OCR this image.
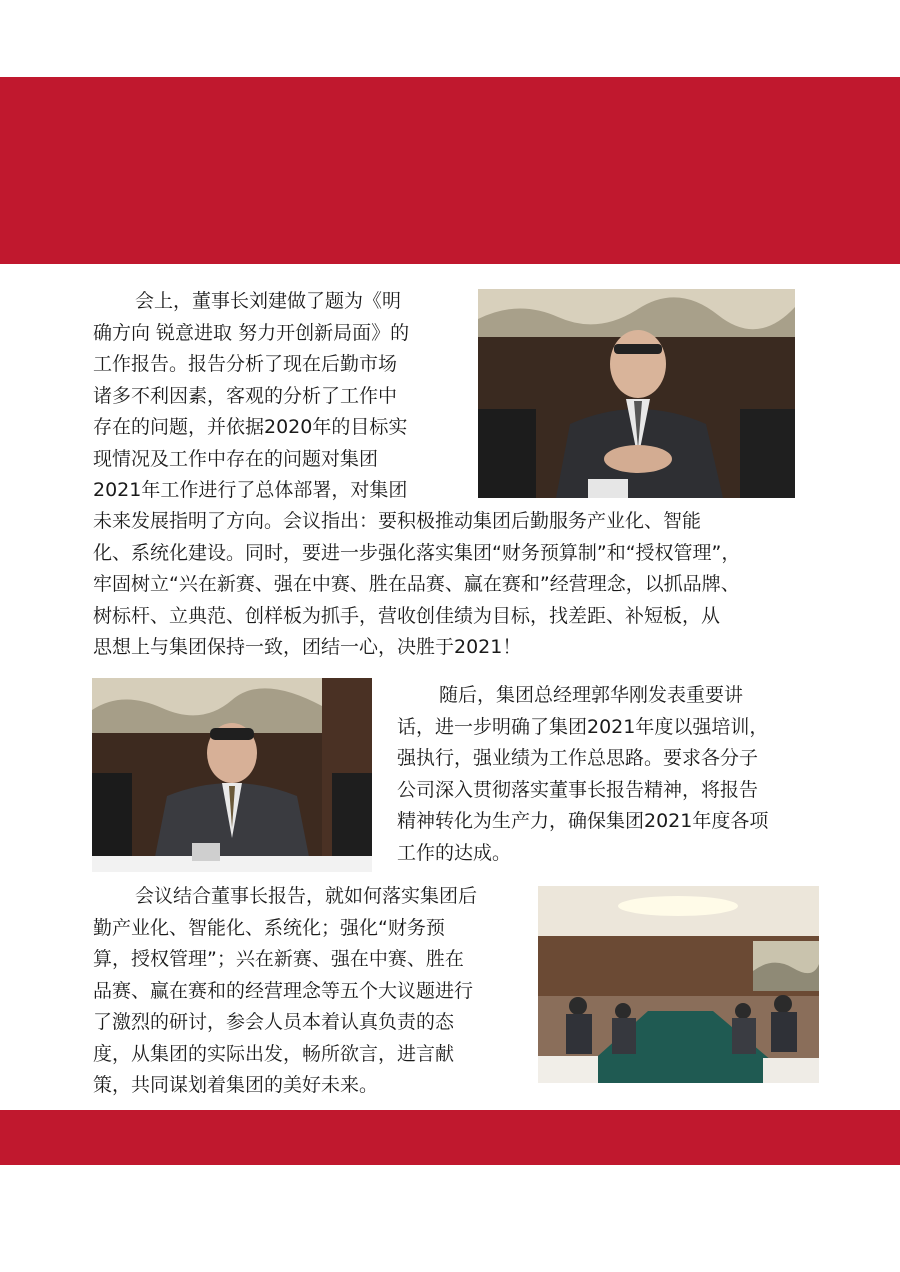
会上，董事长刘建做了题为《明
确方向 锐意进取 努力开创新局面》的
工作报告。报告分析了现在后勤市场
诸多不利因素，客观的分析了工作中
存在的问题，并依据2020年的目标实
现情况及工作中存在的问题对集团
2021年工作进行了总体部署，对集团
未来发展指明了方向。会议指出：要积极推动集团后勤服务产业化、智能
化、系统化建设。同时，要进一步强化落实集团“财务预算制”和“授权管理”，
牢固树立“兴在新赛、强在中赛、胜在品赛、赢在赛和”经营理念，以抓品牌、
树标杆、立典范、创样板为抓手，营收创佳绩为目标，找差距、补短板，从
思想上与集团保持一致，团结一心，决胜于2021！
随后，集团总经理郭华刚发表重要讲
话，进一步明确了集团2021年度以强培训，
强执行，强业绩为工作总思路。要求各分子
公司深入贯彻落实董事长报告精神，将报告
精神转化为生产力，确保集团2021年度各项
工作的达成。
会议结合董事长报告，就如何落实集团后
勤产业化、智能化、系统化；强化“财务预
算，授权管理”；兴在新赛、强在中赛、胜在
品赛、赢在赛和的经营理念等五个大议题进行
了激烈的研讨，参会人员本着认真负责的态
度，从集团的实际出发，畅所欲言，进言献
策，共同谋划着集团的美好未来。
